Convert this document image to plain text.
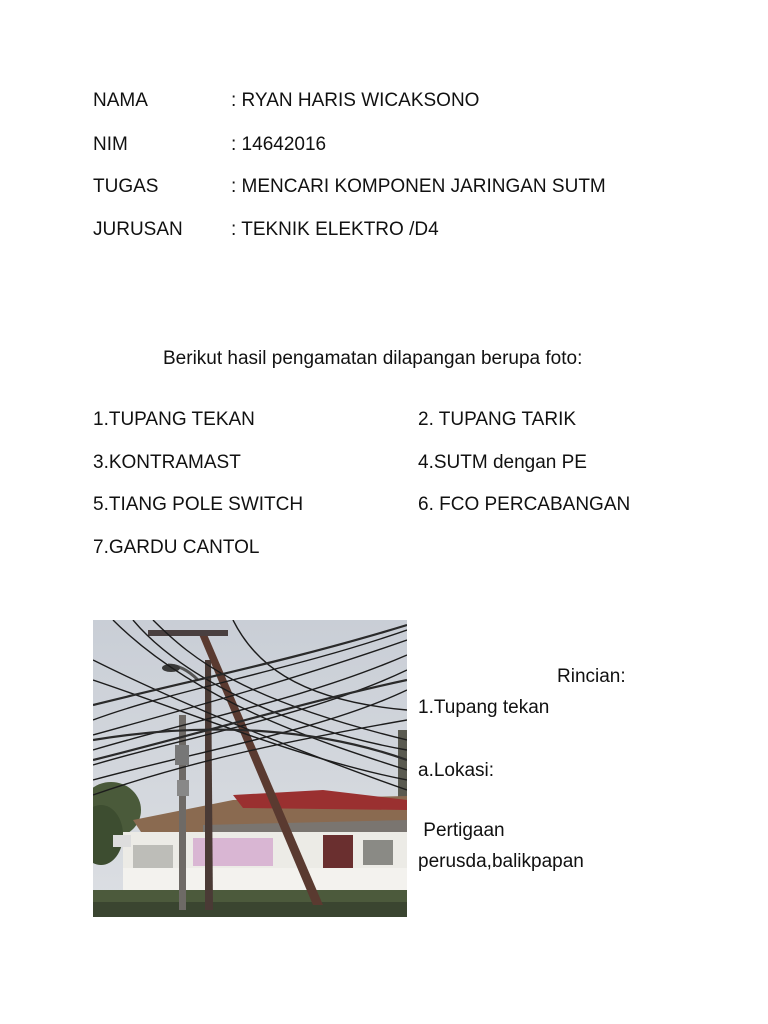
NAMA	: RYAN HARIS WICAKSONO
NIM	: 14642016
TUGAS	: MENCARI KOMPONEN JARINGAN SUTM
JURUSAN	: TEKNIK ELEKTRO /D4
Berikut hasil pengamatan dilapangan berupa foto:
1.TUPANG TEKAN	2. TUPANG TARIK
3.KONTRAMAST	4.SUTM dengan PE
5.TIANG POLE SWITCH	6. FCO PERCABANGAN
7.GARDU CANTOL
Rincian:
1.Tupang tekan
a.Lokasi:
Pertigaan
perusda,balikpapan
